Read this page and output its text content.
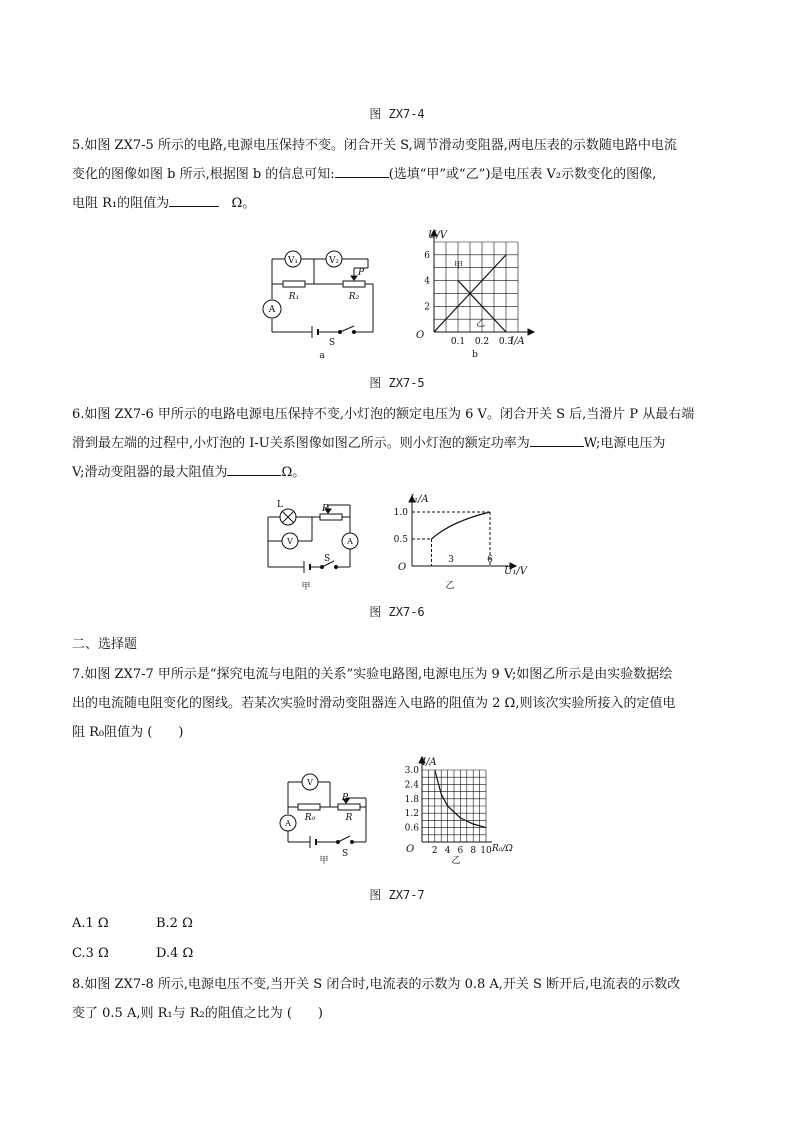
图 ZX7-4

5.如图 ZX7-5 所示的电路,电源电压保持不变。闭合开关 S,调节滑动变阻器,两电压表的示数随电路中电流

变化的图像如图 b 所示,根据图 b 的信息可知:	(选填“甲”或“乙”)是电压表 V₂示数变化的图像,

电阻 R₁的阻值为	Ω。

V₁	V₂
P
R₁	R₂
A
S
a
2
4
6
0.1 0.2 0.3
U/V
I/A
O
甲
乙
b
图 ZX7-5

6.如图 ZX7-6 甲所示的电路电源电压保持不变,小灯泡的额定电压为 6 V。闭合开关 S 后,当滑片 P 从最右端

滑到最左端的过程中,小灯泡的 I-U关系图像如图乙所示。则小灯泡的额定功率为	W;电源电压为

V;滑动变阻器的最大阻值为	Ω。

L	R
V	A
S
甲
0.5
1.0
3	6
I₁/A
U₁/V
O
乙
图 ZX7-6
二、选择题

7.如图 ZX7-7 甲所示是“探究电流与电阻的关系”实验电路图,电源电压为 9 V;如图乙所示是由实验数据绘

出的电流随电阻变化的图线。若某次实验时滑动变阻器连入电路的阻值为 2 Ω,则该次实验所接入的定值电

阻 R₀阻值为 (　　)

V
R₀
P
R
A
S
甲
0.6
1.2
1.8
2.4
3.0
2 4 6 8 10
I/A
R₀/Ω
O
乙
图 ZX7-7
A.1 Ω	B.2 Ω
C.3 Ω	D.4 Ω

8.如图 ZX7-8 所示,电源电压不变,当开关 S 闭合时,电流表的示数为 0.8 A,开关 S 断开后,电流表的示数改

变了 0.5 A,则 R₁与 R₂的阻值之比为 (　　)
